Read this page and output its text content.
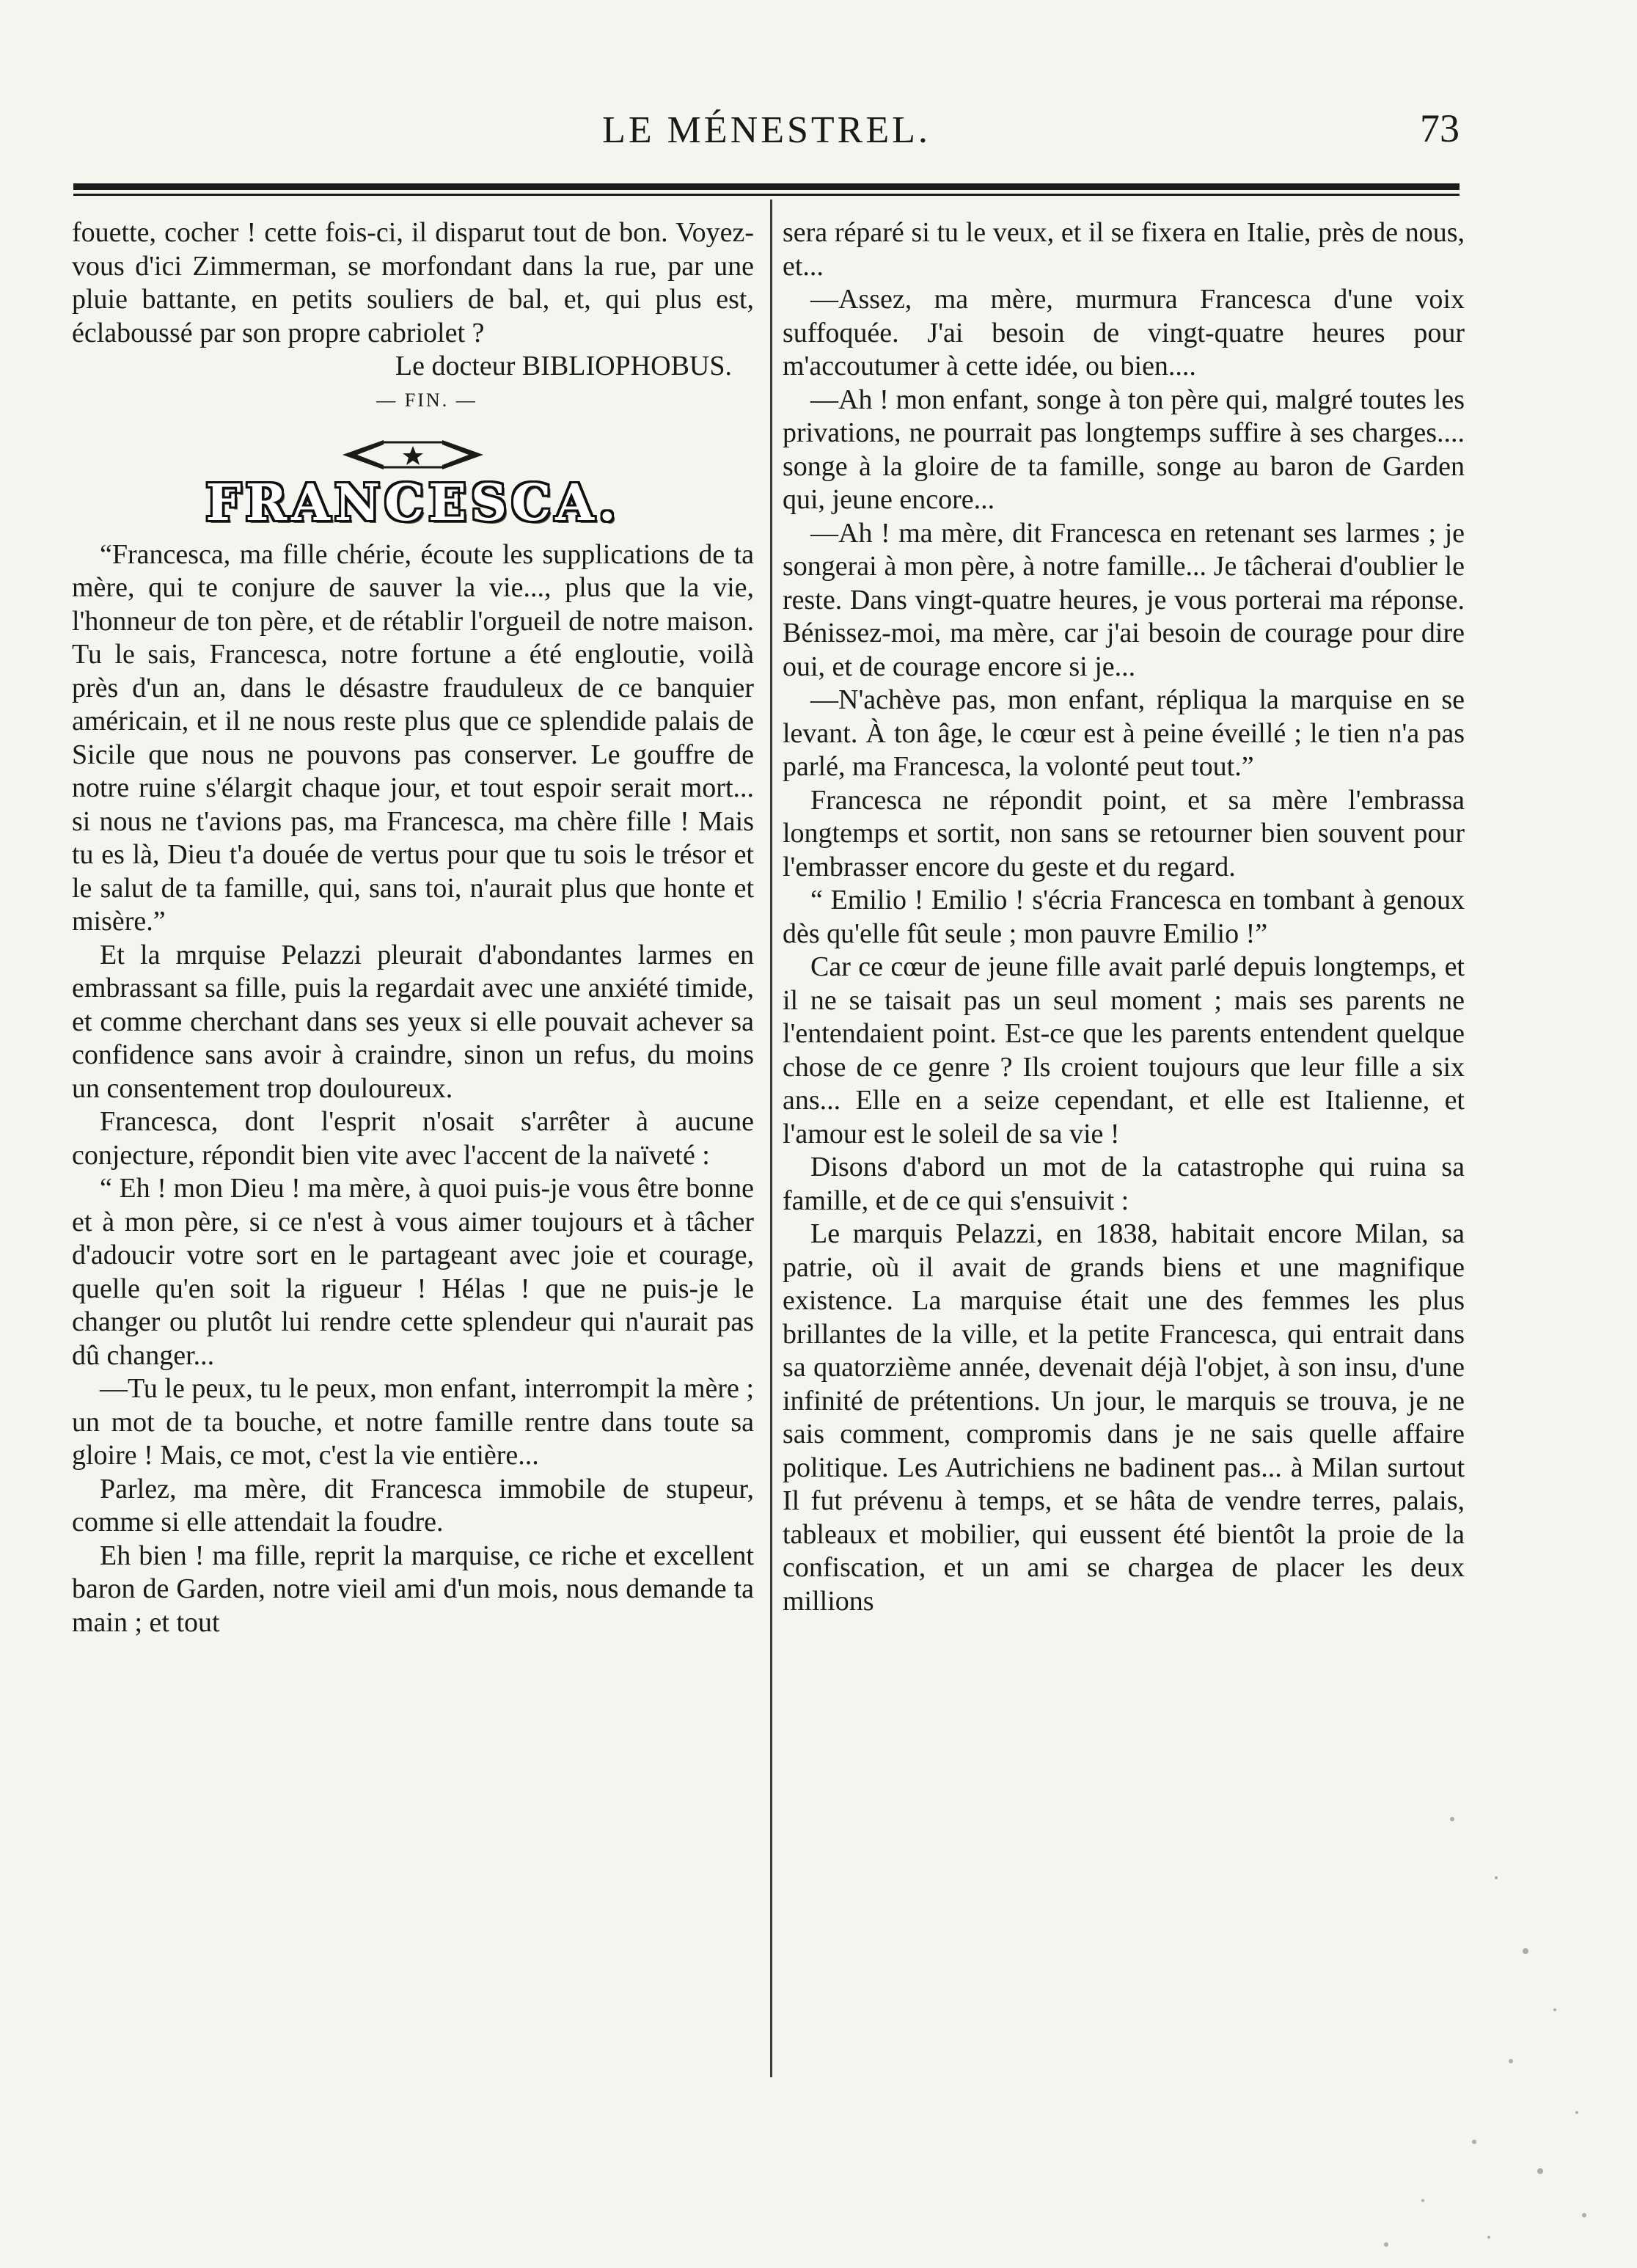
LE MÉNESTREL.	73

fouette, cocher ! cette fois-ci, il disparut tout de bon. Voyez-vous d'ici Zimmerman, se morfondant dans la rue, par une pluie battante, en petits souliers de bal, et, qui plus est, éclaboussé par son propre cabriolet ?

Le docteur BIBLIOPHOBUS.

— FIN. —

FRANCESCA.

“Francesca, ma fille chérie, écoute les supplications de ta mère, qui te conjure de sauver la vie..., plus que la vie, l'honneur de ton père, et de rétablir l'orgueil de notre maison. Tu le sais, Francesca, notre fortune a été engloutie, voilà près d'un an, dans le désastre frauduleux de ce banquier américain, et il ne nous reste plus que ce splendide palais de Sicile que nous ne pouvons pas conserver. Le gouffre de notre ruine s'élargit chaque jour, et tout espoir serait mort... si nous ne t'avions pas, ma Francesca, ma chère fille ! Mais tu es là, Dieu t'a douée de vertus pour que tu sois le trésor et le salut de ta famille, qui, sans toi, n'aurait plus que honte et misère.”

Et la mrquise Pelazzi pleurait d'abondantes larmes en embrassant sa fille, puis la regardait avec une anxiété timide, et comme cherchant dans ses yeux si elle pouvait achever sa confidence sans avoir à craindre, sinon un refus, du moins un consentement trop douloureux.

Francesca, dont l'esprit n'osait s'arrêter à aucune conjecture, répondit bien vite avec l'accent de la naïveté :

“ Eh ! mon Dieu ! ma mère, à quoi puis-je vous être bonne et à mon père, si ce n'est à vous aimer toujours et à tâcher d'adoucir votre sort en le partageant avec joie et courage, quelle qu'en soit la rigueur ! Hélas ! que ne puis-je le changer ou plutôt lui rendre cette splendeur qui n'aurait pas dû changer...

—Tu le peux, tu le peux, mon enfant, interrompit la mère ; un mot de ta bouche, et notre famille rentre dans toute sa gloire ! Mais, ce mot, c'est la vie entière...

Parlez, ma mère, dit Francesca immobile de stupeur, comme si elle attendait la foudre.

Eh bien ! ma fille, reprit la marquise, ce riche et excellent baron de Garden, notre vieil ami d'un mois, nous demande ta main ; et tout

sera réparé si tu le veux, et il se fixera en Italie, près de nous, et...

—Assez, ma mère, murmura Francesca d'une voix suffoquée. J'ai besoin de vingt-quatre heures pour m'accoutumer à cette idée, ou bien....

—Ah ! mon enfant, songe à ton père qui, malgré toutes les privations, ne pourrait pas longtemps suffire à ses charges.... songe à la gloire de ta famille, songe au baron de Garden qui, jeune encore...

—Ah ! ma mère, dit Francesca en retenant ses larmes ; je songerai à mon père, à notre famille... Je tâcherai d'oublier le reste. Dans vingt-quatre heures, je vous porterai ma réponse. Bénissez-moi, ma mère, car j'ai besoin de courage pour dire oui, et de courage encore si je...

—N'achève pas, mon enfant, répliqua la marquise en se levant. À ton âge, le cœur est à peine éveillé ; le tien n'a pas parlé, ma Francesca, la volonté peut tout.”

Francesca ne répondit point, et sa mère l'embrassa longtemps et sortit, non sans se retourner bien souvent pour l'embrasser encore du geste et du regard.

“ Emilio ! Emilio ! s'écria Francesca en tombant à genoux dès qu'elle fût seule ; mon pauvre Emilio !”

Car ce cœur de jeune fille avait parlé depuis longtemps, et il ne se taisait pas un seul moment ; mais ses parents ne l'entendaient point. Est-ce que les parents entendent quelque chose de ce genre ? Ils croient toujours que leur fille a six ans... Elle en a seize cependant, et elle est Italienne, et l'amour est le soleil de sa vie !

Disons d'abord un mot de la catastrophe qui ruina sa famille, et de ce qui s'ensuivit :

Le marquis Pelazzi, en 1838, habitait encore Milan, sa patrie, où il avait de grands biens et une magnifique existence. La marquise était une des femmes les plus brillantes de la ville, et la petite Francesca, qui entrait dans sa quatorzième année, devenait déjà l'objet, à son insu, d'une infinité de prétentions. Un jour, le marquis se trouva, je ne sais comment, compromis dans je ne sais quelle affaire politique. Les Autrichiens ne badinent pas... à Milan surtout Il fut prévenu à temps, et se hâta de vendre terres, palais, tableaux et mobilier, qui eussent été bientôt la proie de la confiscation, et un ami se chargea de placer les deux millions
